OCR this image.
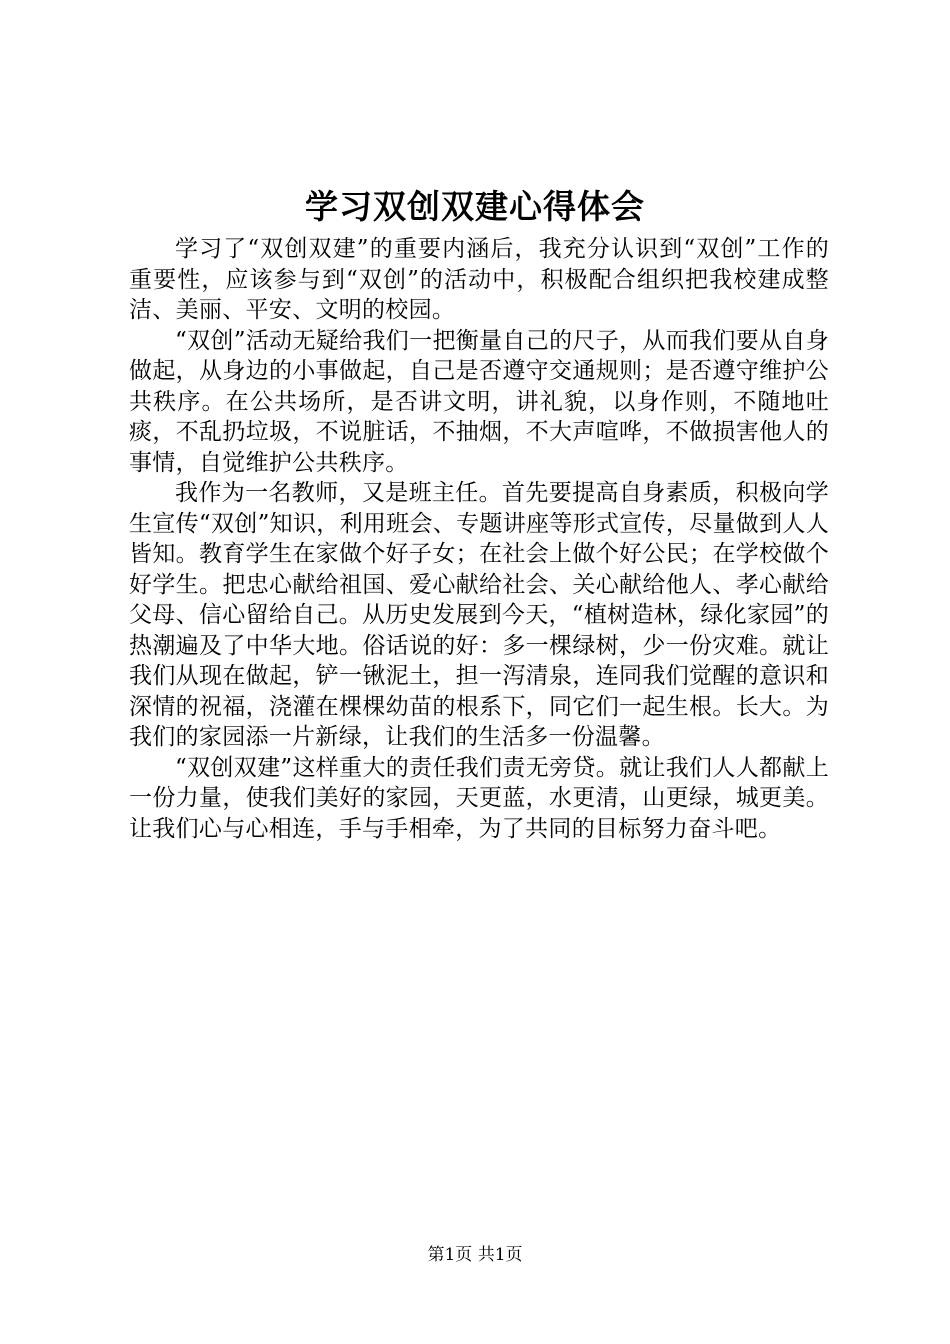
学习双创双建心得体会

学习了“双创双建”的重要内涵后，我充分认识到“双创”工作的重要性，应该参与到“双创”的活动中，积极配合组织把我校建成整洁、美丽、平安、文明的校园。

“双创”活动无疑给我们一把衡量自己的尺子，从而我们要从自身做起，从身边的小事做起，自己是否遵守交通规则；是否遵守维护公共秩序。在公共场所，是否讲文明，讲礼貌，以身作则，不随地吐痰，不乱扔垃圾，不说脏话，不抽烟，不大声喧哗，不做损害他人的事情，自觉维护公共秩序。

我作为一名教师，又是班主任。首先要提高自身素质，积极向学生宣传“双创”知识，利用班会、专题讲座等形式宣传，尽量做到人人皆知。教育学生在家做个好子女；在社会上做个好公民；在学校做个好学生。把忠心献给祖国、爱心献给社会、关心献给他人、孝心献给父母、信心留给自己。从历史发展到今天，“植树造林，绿化家园”的热潮遍及了中华大地。俗话说的好：多一棵绿树，少一份灾难。就让我们从现在做起，铲一锹泥土，担一泻清泉，连同我们觉醒的意识和深情的祝福，浇灌在棵棵幼苗的根系下，同它们一起生根。长大。为我们的家园添一片新绿，让我们的生活多一份温馨。

“双创双建”这样重大的责任我们责无旁贷。就让我们人人都献上一份力量，使我们美好的家园，天更蓝，水更清，山更绿，城更美。让我们心与心相连，手与手相牵，为了共同的目标努力奋斗吧。

第1页 共1页
